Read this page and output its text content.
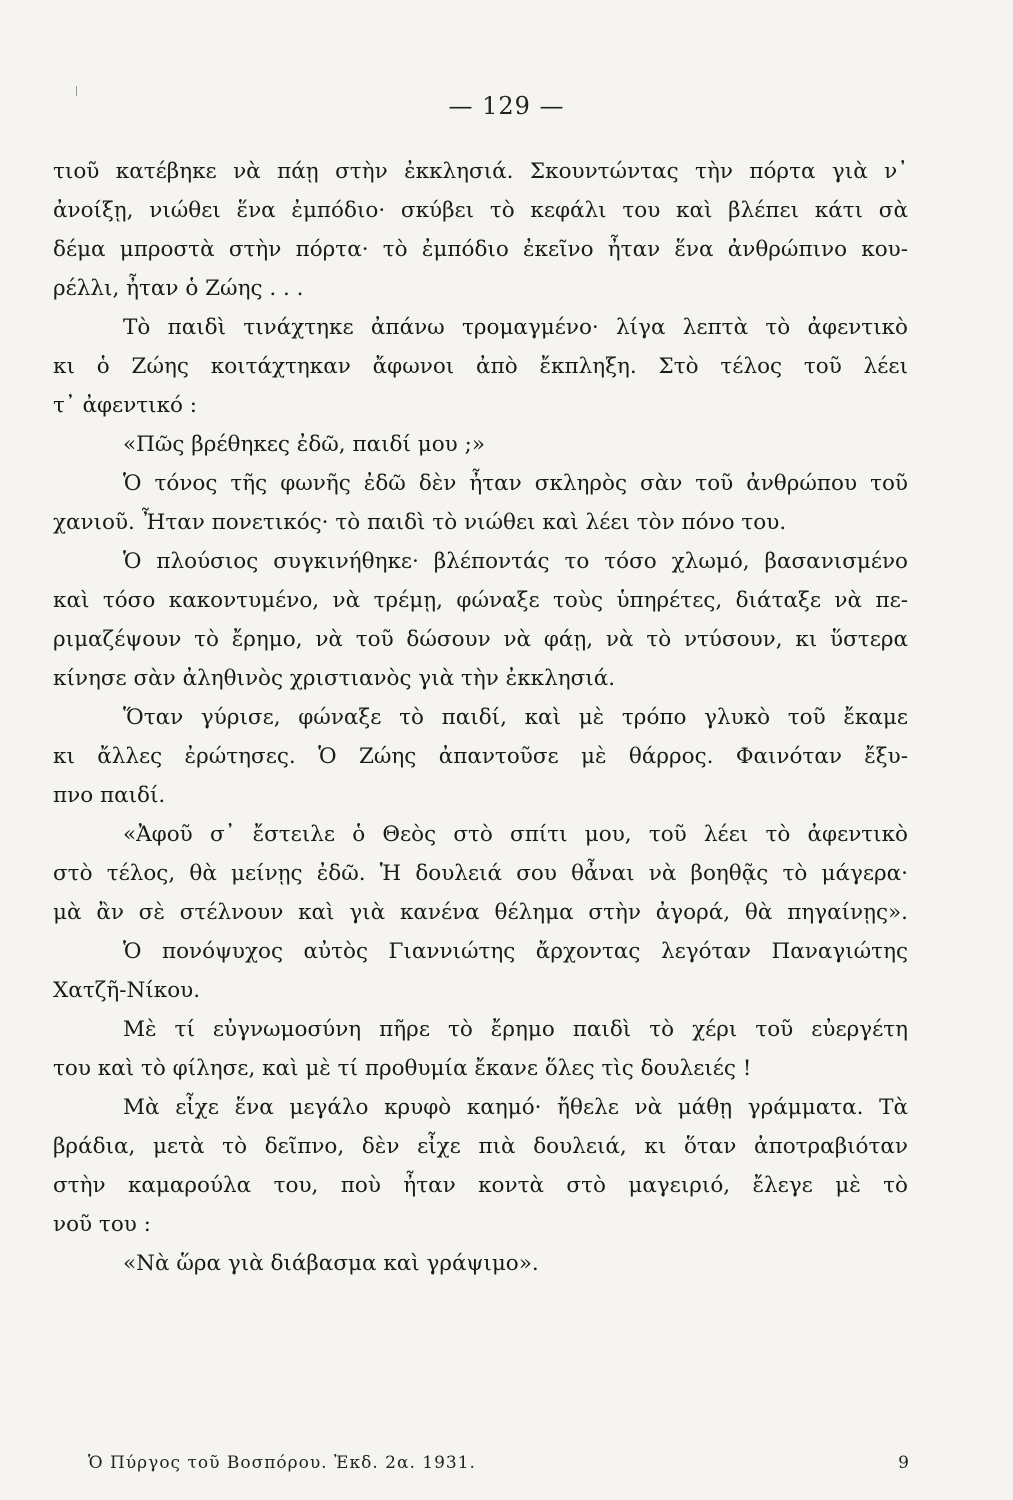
— 129 —
τιοῦ κατέβηκε νὰ πάῃ στὴν ἐκκλησιά. Σκουντώντας τὴν πόρτα γιὰ ν᾿
ἀνοίξῃ, νιώθει ἕνα ἐμπόδιο· σκύβει τὸ κεφάλι του καὶ βλέπει κάτι σὰ
δέμα μπροστὰ στὴν πόρτα· τὸ ἐμπόδιο ἐκεῖνο ἦταν ἕνα ἀνθρώπινο κου-
ρέλλι, ἦταν ὁ Ζώης . . .
Τὸ παιδὶ τινάχτηκε ἀπάνω τρομαγμένο· λίγα λεπτὰ τὸ ἀφεντικὸ
κι ὁ Ζώης κοιτάχτηκαν ἄφωνοι ἀπὸ ἔκπληξη. Στὸ τέλος τοῦ λέει
τ᾿ ἀφεντικό :
«Πῶς βρέθηκες ἐδῶ, παιδί μου ;»
Ὁ τόνος τῆς φωνῆς ἐδῶ δὲν ἦταν σκληρὸς σὰν τοῦ ἀνθρώπου τοῦ
χανιοῦ. Ἦταν πονετικός· τὸ παιδὶ τὸ νιώθει καὶ λέει τὸν πόνο του.
Ὁ πλούσιος συγκινήθηκε· βλέποντάς το τόσο χλωμό, βασανισμένο
καὶ τόσο κακοντυμένο, νὰ τρέμῃ, φώναξε τοὺς ὑπηρέτες, διάταξε νὰ πε-
ριμαζέψουν τὸ ἔρημο, νὰ τοῦ δώσουν νὰ φάῃ, νὰ τὸ ντύσουν, κι ὕστερα
κίνησε σὰν ἀληθινὸς χριστιανὸς γιὰ τὴν ἐκκλησιά.
Ὅταν γύρισε, φώναξε τὸ παιδί, καὶ μὲ τρόπο γλυκὸ τοῦ ἔκαμε
κι ἄλλες ἐρώτησες. Ὁ Ζώης ἀπαντοῦσε μὲ θάρρος. Φαινόταν ἔξυ-
πνο παιδί.
«Ἀφοῦ σ᾿ ἔστειλε ὁ Θεὸς στὸ σπίτι μου, τοῦ λέει τὸ ἀφεντικὸ
στὸ τέλος, θὰ μείνῃς ἐδῶ. Ἡ δουλειά σου θἆναι νὰ βοηθᾷς τὸ μάγερα·
μὰ ἂν σὲ στέλνουν καὶ γιὰ κανένα θέλημα στὴν ἀγορά, θὰ πηγαίνῃς».
Ὁ πονόψυχος αὐτὸς Γιαννιώτης ἄρχοντας λεγόταν Παναγιώτης
Χατζῆ-Νίκου.
Μὲ τί εὐγνωμοσύνη πῆρε τὸ ἔρημο παιδὶ τὸ χέρι τοῦ εὐεργέτη
του καὶ τὸ φίλησε, καὶ μὲ τί προθυμία ἔκανε ὅλες τὶς δουλειές !
Μὰ εἶχε ἕνα μεγάλο κρυφὸ καημό· ἤθελε νὰ μάθῃ γράμματα. Τὰ
βράδια, μετὰ τὸ δεῖπνο, δὲν εἶχε πιὰ δουλειά, κι ὅταν ἀποτραβιόταν
στὴν καμαρούλα του, ποὺ ἦταν κοντὰ στὸ μαγειριό, ἔλεγε μὲ τὸ
νοῦ του :
«Νὰ ὥρα γιὰ διάβασμα καὶ γράψιμο».
Ὁ Πύργος τοῦ Βοσπόρου. Ἐκδ. 2α. 1931.	9
